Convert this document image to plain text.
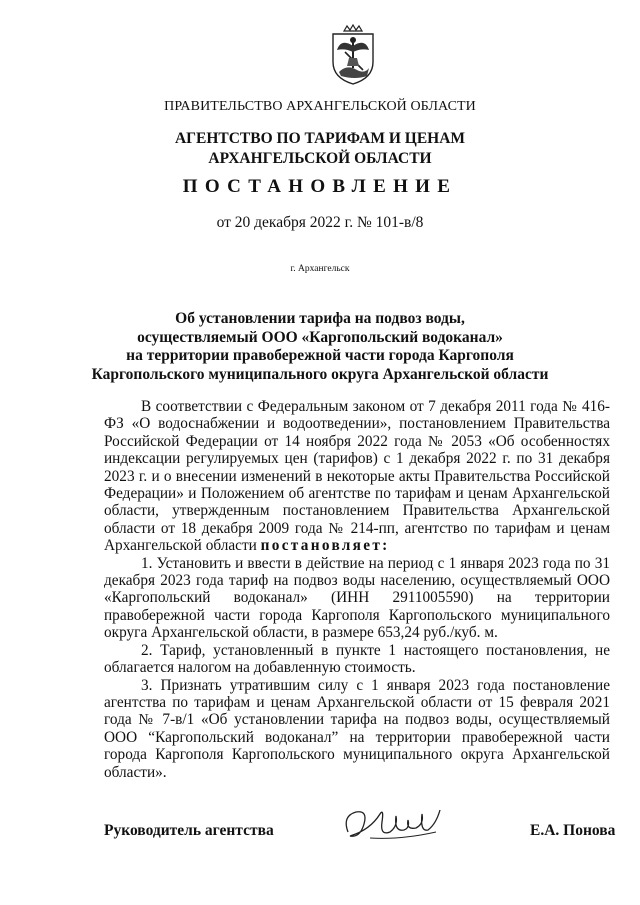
ПРАВИТЕЛЬСТВО АРХАНГЕЛЬСКОЙ ОБЛАСТИ
АГЕНТСТВО ПО ТАРИФАМ И ЦЕНАМ
АРХАНГЕЛЬСКОЙ ОБЛАСТИ
ПОСТАНОВЛЕНИЕ
от 20 декабря 2022 г. № 101-в/8
г. Архангельск
Об установлении тарифа на подвоз воды,
осуществляемый ООО «Каргопольский водоканал»
на территории правобережной части города Каргополя
Каргопольского муниципального округа Архангельской области

В соответствии с Федеральным законом от 7 декабря 2011 года № 416-ФЗ «О водоснабжении и водоотведении», постановлением Правительства Российской Федерации от 14 ноября 2022 года № 2053 «Об особенностях индексации регулируемых цен (тарифов) с 1 декабря 2022 г. по 31 декабря 2023 г. и о внесении изменений в некоторые акты Правительства Российской Федерации» и Положением об агентстве по тарифам и ценам Архангельской области, утвержденным постановлением Правительства Архангельской области от 18 декабря 2009 года № 214-пп, агентство по тарифам и ценам Архангельской области постановляет:

1. Установить и ввести в действие на период с 1 января 2023 года по 31 декабря 2023 года тариф на подвоз воды населению, осуществляемый ООО «Каргопольский водоканал» (ИНН 2911005590) на территории правобережной части города Каргополя Каргопольского муниципального округа Архангельской области, в размере 653,24 руб./куб. м.

2. Тариф, установленный в пункте 1 настоящего постановления, не облагается налогом на добавленную стоимость.

3. Признать утратившим силу с 1 января 2023 года постановление агентства по тарифам и ценам Архангельской области от 15 февраля 2021 года № 7-в/1 «Об установлении тарифа на подвоз воды, осуществляемый ООО “Каргопольский водоканал” на территории правобережной части города Каргополя Каргопольского муниципального округа Архангельской области».

Руководитель агентства	Е.А. Понова
